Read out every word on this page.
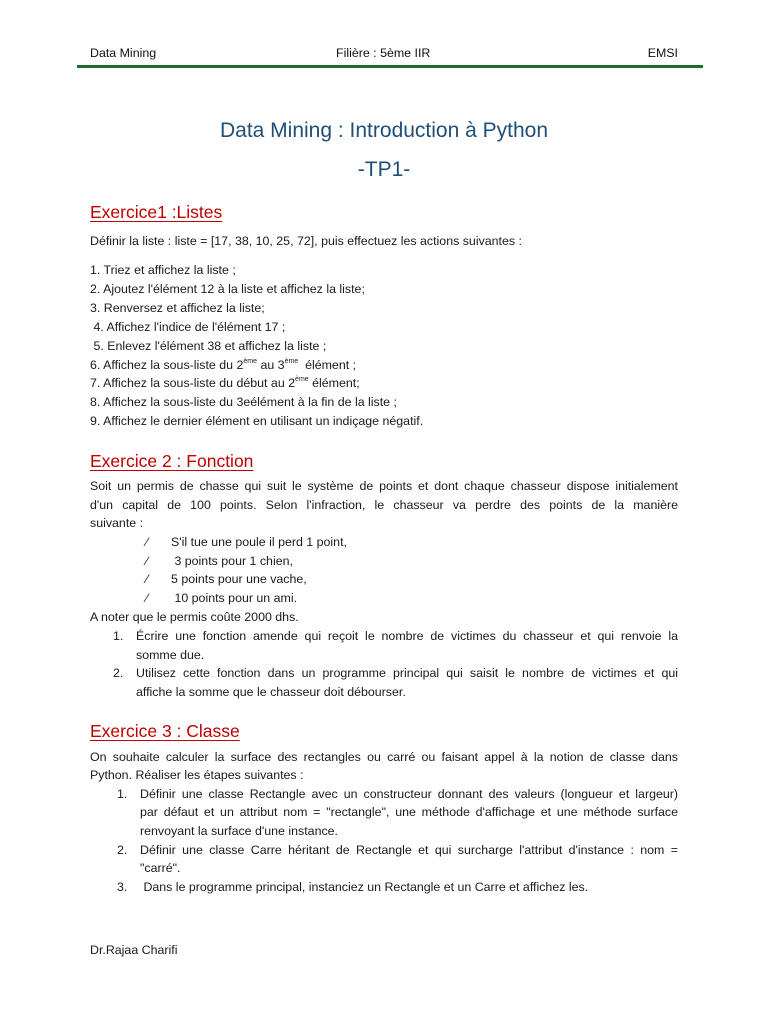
Data Mining	Filière : 5ème IIR	EMSI
Data Mining : Introduction à Python
-TP1-
Exercice1 :Listes
Définir la liste : liste = [17, 38, 10, 25, 72], puis effectuez les actions suivantes :
1. Triez et affichez la liste ;
2. Ajoutez l'élément 12 à la liste et affichez la liste;
3. Renversez et affichez la liste;
4. Affichez l'indice de l'élément 17 ;
5. Enlevez l'élément 38 et affichez la liste ;
6. Affichez la sous-liste du 2ème au 3ème  élément ;
7. Affichez la sous-liste du début au 2ème élément;
8. Affichez la sous-liste du 3eélément à la fin de la liste ;
9. Affichez le dernier élément en utilisant un indiçage négatif.
Exercice 2 : Fonction
Soit un permis de chasse qui suit le système de points et dont chaque chasseur dispose initialement
d'un capital de 100 points. Selon l'infraction, le chasseur va perdre des points de la manière
suivante :
⁄ S'il tue une poule il perd 1 point,
⁄ 3 points pour 1 chien,
⁄ 5 points pour une vache,
⁄ 10 points pour un ami.
A noter que le permis coûte 2000 dhs.
1. Écrire une fonction amende qui reçoit le nombre de victimes du chasseur et qui renvoie la
somme due.
2. Utilisez cette fonction dans un programme principal qui saisit le nombre de victimes et qui
affiche la somme que le chasseur doit débourser.
Exercice 3 : Classe
On souhaite calculer la surface des rectangles ou carré ou faisant appel à la notion de classe dans
Python. Réaliser les étapes suivantes :
1. Définir une classe Rectangle avec un constructeur donnant des valeurs (longueur et largeur)
par défaut et un attribut nom = "rectangle", une méthode d'affichage et une méthode surface
renvoyant la surface d'une instance.
2. Définir une classe Carre héritant de Rectangle et qui surcharge l'attribut d'instance : nom =
"carré".
3. Dans le programme principal, instanciez un Rectangle et un Carre et affichez les.
Dr.Rajaa Charifi
